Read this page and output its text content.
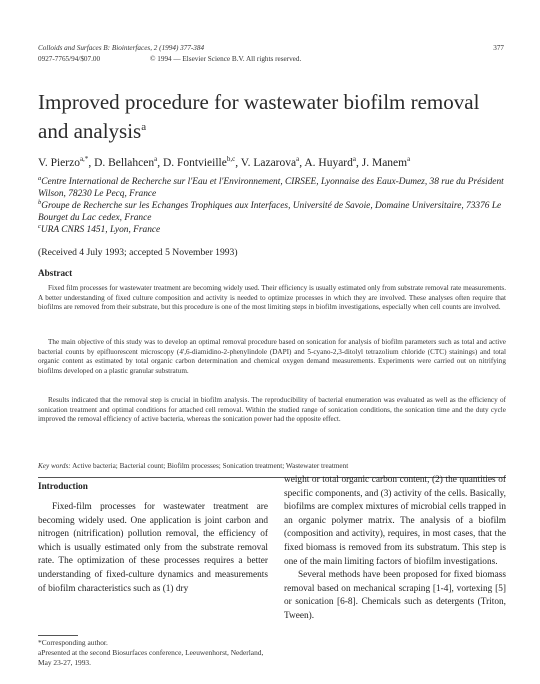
Colloids and Surfaces B: Biointerfaces, 2 (1994) 377-384	377
0927-7765/94/$07.00	© 1994 — Elsevier Science B.V. All rights reserved.
Improved procedure for wastewater biofilm removal and analysis$^a$
V. Pierzo$^{a,*}$, D. Bellahcen$^a$, D. Fontvieille$^{b,c}$, V. Lazarova$^a$, A. Huyard$^a$, J. Manem$^a$
$^a$Centre International de Recherche sur l'Eau et l'Environnement, CIRSEE, Lyonnaise des Eaux-Dumez, 38 rue du Président Wilson, 78230 Le Pecq, France
$^b$Groupe de Recherche sur les Echanges Trophiques aux Interfaces, Université de Savoie, Domaine Universitaire, 73376 Le Bourget du Lac cedex, France
$^c$URA CNRS 1451, Lyon, France
(Received 4 July 1993; accepted 5 November 1993)
Abstract
Fixed film processes for wastewater treatment are becoming widely used. Their efficiency is usually estimated only from substrate removal rate measurements. A better understanding of fixed culture composition and activity is needed to optimize processes in which they are involved. These analyses often require that biofilms are removed from their substrate, but this procedure is one of the most limiting steps in biofilm investigations, especially when cell counts are involved.
The main objective of this study was to develop an optimal removal procedure based on sonication for analysis of biofilm parameters such as total and active bacterial counts by epifluorescent microscopy (4',6-diamidino-2-phenylindole (DAPI) and 5-cyano-2,3-ditolyl tetrazolium chloride (CTC) stainings) and total organic content as estimated by total organic carbon determination and chemical oxygen demand measurements. Experiments were carried out on nitrifying biofilms developed on a plastic granular substratum.
Results indicated that the removal step is crucial in biofilm analysis. The reproducibility of bacterial enumeration was evaluated as well as the efficiency of sonication treatment and optimal conditions for attached cell removal. Within the studied range of sonication conditions, the sonication time and the duty cycle improved the removal efficiency of active bacteria, whereas the sonication power had the opposite effect.
Key words: Active bacteria; Bacterial count; Biofilm processes; Sonication treatment; Wastewater treatment
Introduction

Fixed-film processes for wastewater treatment are becoming widely used. One application is joint carbon and nitrogen (nitrification) pollution removal, the efficiency of which is usually estimated only from the substrate removal rate. The optimization of these processes requires a better understanding of fixed-culture dynamics and measurements of biofilm characteristics such as (1) dry

*Corresponding author.
aPresented at the second Biosurfaces conference, Leeuwenhorst, Nederland, May 23-27, 1993.

weight or total organic carbon content, (2) the quantities of specific components, and (3) activity of the cells. Basically, biofilms are complex mixtures of microbial cells trapped in an organic polymer matrix. The analysis of a biofilm (composition and activity), requires, in most cases, that the fixed biomass is removed from its substratum. This step is one of the main limiting factors of biofilm investigations.

Several methods have been proposed for fixed biomass removal based on mechanical scraping [1-4], vortexing [5] or sonication [6-8]. Chemicals such as detergents (Triton, Tween).
